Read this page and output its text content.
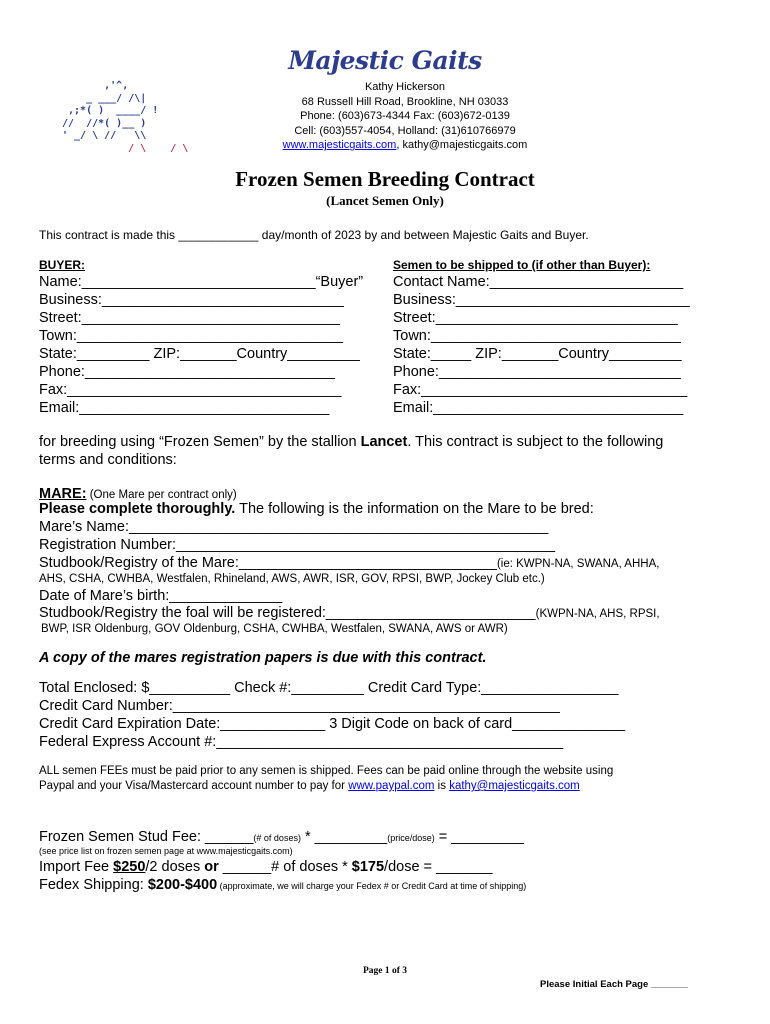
Majestic Gaits
,'^,
_ ___/ /\|
,;*( )  ____/ !
//  //*( )__ )
' _/ \ //   \\
/ \    / \
Kathy Hickerson
68 Russell Hill Road, Brookline, NH 03033
Phone: (603)673-4344 Fax: (603)672-0139
Cell: (603)557-4054, Holland: (31)610766979
www.majesticgaits.com, kathy@majesticgaits.com
Frozen Semen Breeding Contract
(Lancet Semen Only)
This contract is made this ____________ day/month of 2023 by and between Majestic Gaits and Buyer.
BUYER:
Name:_____________________________“Buyer”
Business:______________________________
Street:________________________________
Town:_________________________________
State:_________ ZIP:_______Country_________
Phone:_______________________________
Fax:__________________________________
Email:_______________________________
Semen to be shipped to (if other than Buyer):
Contact Name:________________________
Business:_____________________________
Street:______________________________
Town:_______________________________
State:_____ ZIP:_______Country_________
Phone:______________________________
Fax:_________________________________
Email:_______________________________
for breeding using “Frozen Semen” by the stallion Lancet. This contract is subject to the following
terms and conditions:
MARE: (One Mare per contract only)
Please complete thoroughly. The following is the information on the Mare to be bred:
Mare’s Name:____________________________________________________
Registration Number:_______________________________________________
Studbook/Registry of the Mare:________________________________(ie: KWPN-NA, SWANA, AHHA,
AHS, CSHA, CWHBA, Westfalen, Rhineland, AWS, AWR, ISR, GOV, RPSI, BWP, Jockey Club etc.)
Date of Mare’s birth:______________
Studbook/Registry the foal will be registered:__________________________(KWPN-NA, AHS, RPSI,
BWP, ISR Oldenburg, GOV Oldenburg, CSHA, CWHBA, Westfalen, SWANA, AWS or AWR)
A copy of the mares registration papers is due with this contract.
Total Enclosed: $__________ Check #:_________ Credit Card Type:_________________
Credit Card Number:________________________________________________
Credit Card Expiration Date:_____________ 3 Digit Code on back of card______________
Federal Express Account #:___________________________________________
ALL semen FEEs must be paid prior to any semen is shipped. Fees can be paid online through the website using
Paypal and your Visa/Mastercard account number to pay for www.paypal.com is kathy@majesticgaits.com
Frozen Semen Stud Fee: ______(# of doses) * _________(price/dose) = _________
(see price list on frozen semen page at www.majesticgaits.com)
Import Fee $250/2 doses or ______# of doses * $175/dose = _______
Fedex Shipping: $200-$400 (approximate, we will charge your Fedex # or Credit Card at time of shipping)
Page 1 of 3
Please Initial Each Page _______
